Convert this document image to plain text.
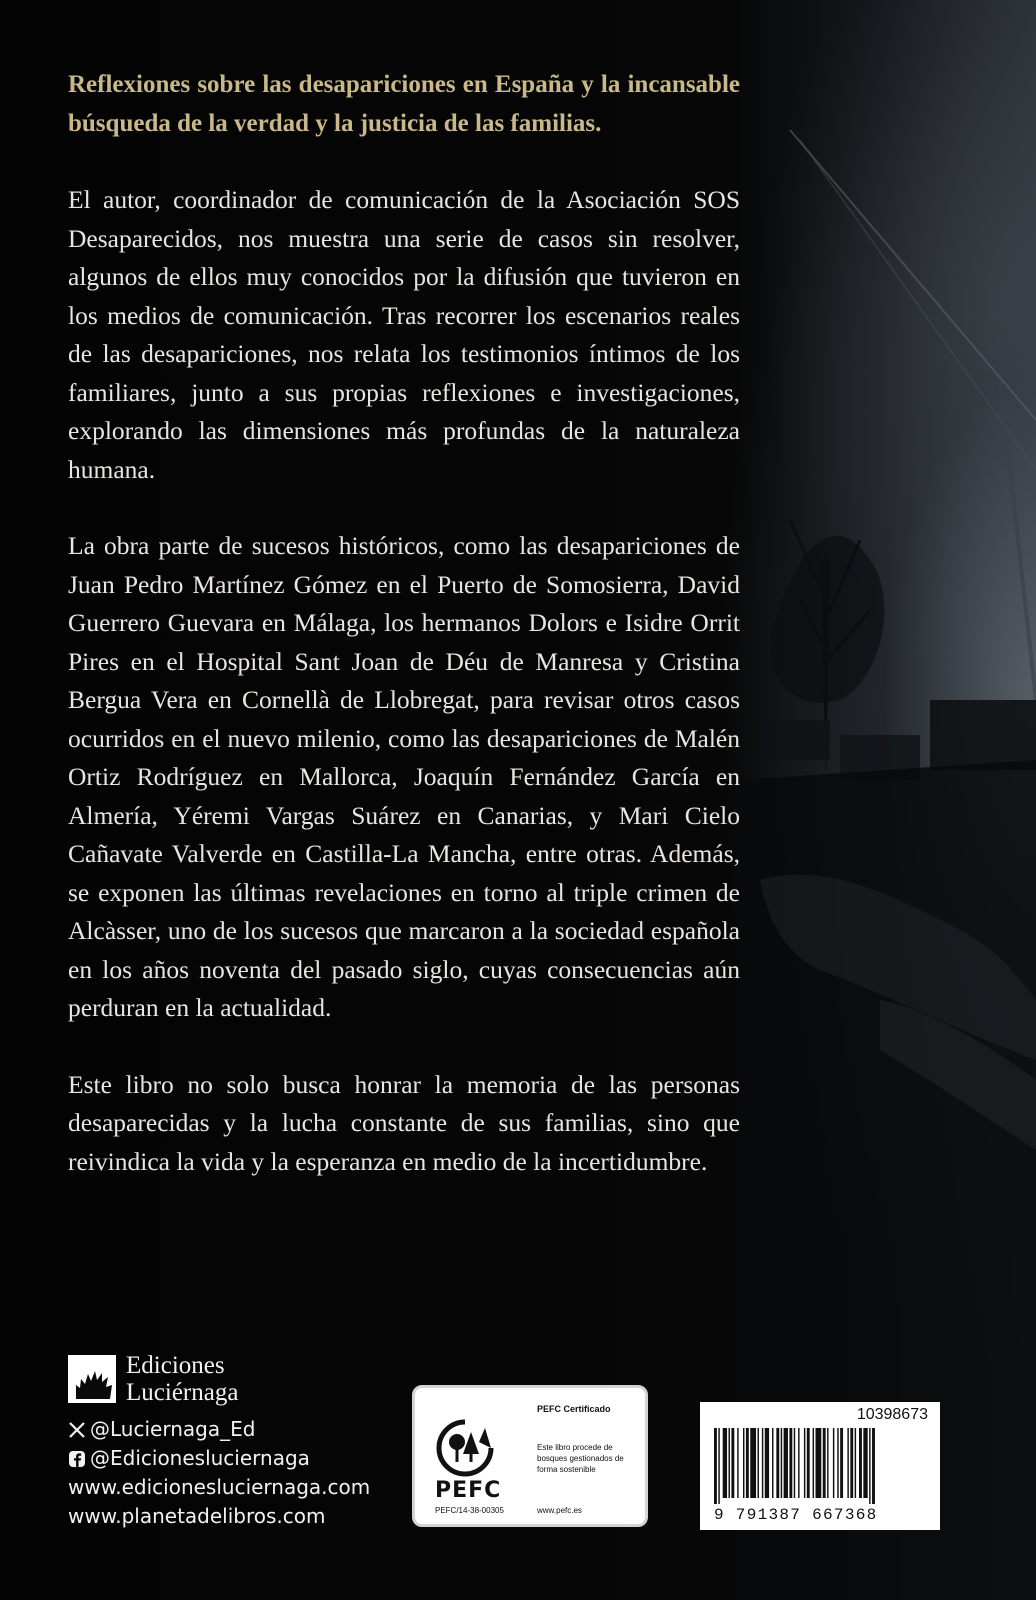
Reflexiones sobre las desapariciones en España y la incansable búsqueda de la verdad y la justicia de las familias.

El autor, coordinador de comunicación de la Asociación SOS Desaparecidos, nos muestra una serie de casos sin resolver, algunos de ellos muy conocidos por la difusión que tuvieron en los medios de comunicación. Tras recorrer los escenarios reales de las desapariciones, nos relata los testimonios íntimos de los familiares, junto a sus propias reflexiones e investigaciones, explorando las dimensiones más profundas de la naturaleza humana.

La obra parte de sucesos históricos, como las desapariciones de Juan Pedro Martínez Gómez en el Puerto de Somosierra, David Guerrero Guevara en Málaga, los hermanos Dolors e Isidre Orrit Pires en el Hospital Sant Joan de Déu de Manresa y Cristina Bergua Vera en Cornellà de Llobregat, para revisar otros casos ocurridos en el nuevo milenio, como las desapariciones de Malén Ortiz Rodríguez en Mallorca, Joaquín Fernández García en Almería, Yéremi Vargas Suárez en Canarias, y Mari Cielo Cañavate Valverde en Castilla-La Mancha, entre otras. Además, se exponen las últimas revelaciones en torno al triple crimen de Alcàsser, uno de los sucesos que marcaron a la sociedad española en los años noventa del pasado siglo, cuyas consecuencias aún perduran en la actualidad.

Este libro no solo busca honrar la memoria de las personas desaparecidas y la lucha constante de sus familias, sino que reivindica la vida y la esperanza en medio de la incertidumbre.

Ediciones
Luciérnaga
@Luciernaga_Ed
@Edicionesluciernaga
www.edicionesluciernaga.com
www.planetadelibros.com
PEFC
PEFC Certificado
Este libro procede de bosques gestionados de forma sostenible
PEFC/14-38-00305	www.pefc.es
10398673
9 791387 667368
